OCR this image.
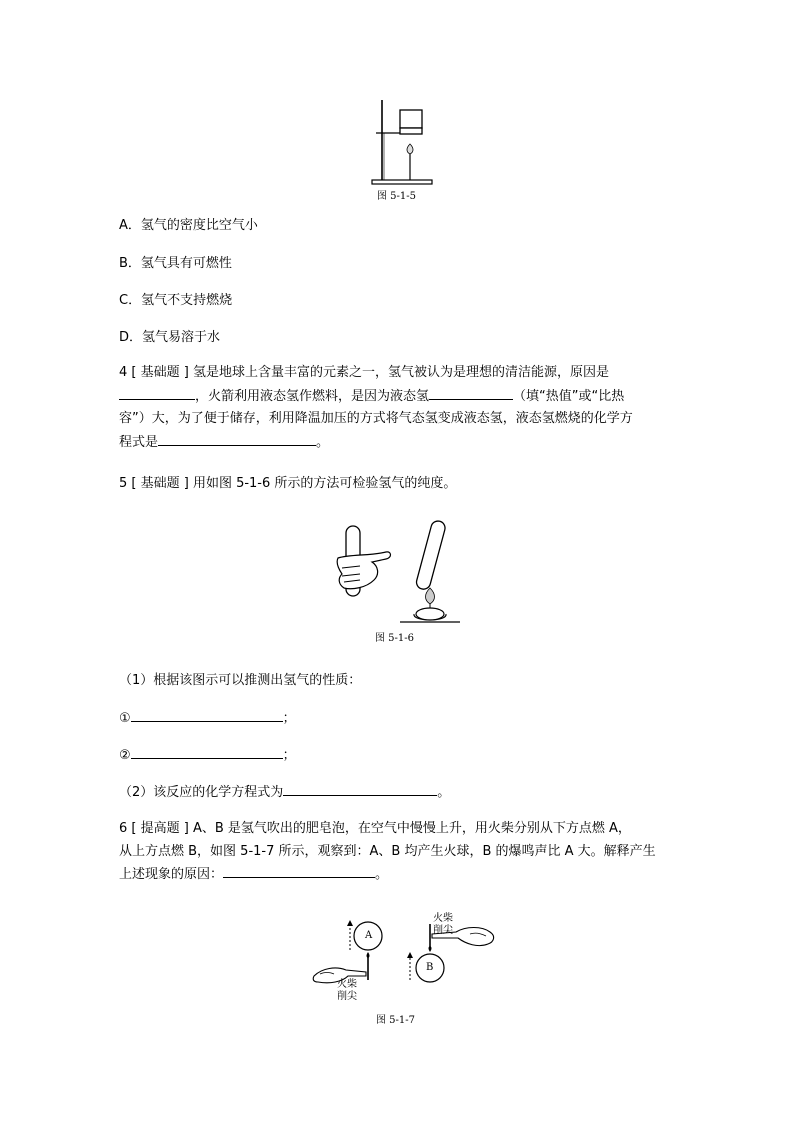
图 5-1-5
A．氢气的密度比空气小
B．氢气具有可燃性
C．氢气不支持燃烧
D．氢气易溶于水
4 [ 基础题 ] 氢是地球上含量丰富的元素之一，氢气被认为是理想的清洁能源，原因是
，火箭利用液态氢作燃料，是因为液态氢	（填“热值”或“比热
容”）大，为了便于储存，利用降温加压的方式将气态氢变成液态氢，液态氢燃烧的化学方
程式是	。
5 [ 基础题 ] 用如图 5-1-6 所示的方法可检验氢气的纯度。
图 5-1-6
（1）根据该图示可以推测出氢气的性质：
①	；
②	；
（2）该反应的化学方程式为	。
6 [ 提高题 ] A、B 是氢气吹出的肥皂泡，在空气中慢慢上升，用火柴分别从下方点燃 A，
从上方点燃 B，如图 5-1-7 所示，观察到：A、B 均产生火球，B 的爆鸣声比 A 大。解释产生
上述现象的原因：	。
A
B
火柴
削尖
火柴
削尖
图 5-1-7
